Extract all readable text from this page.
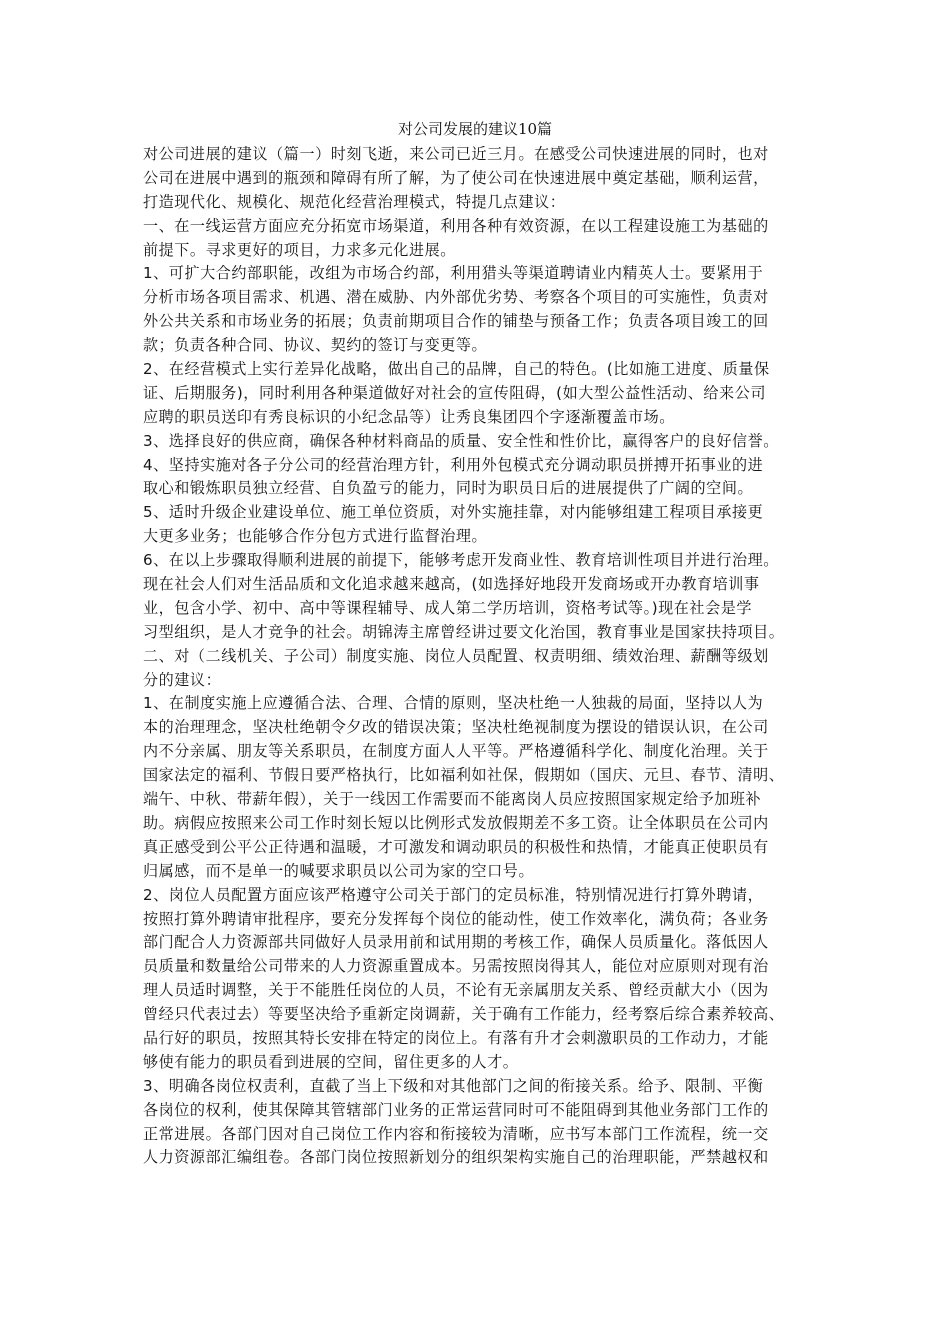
对公司发展的建议10篇
对公司进展的建议（篇一）时刻飞逝，来公司已近三月。在感受公司快速进展的同时，也对
公司在进展中遇到的瓶颈和障碍有所了解，为了使公司在快速进展中奠定基础，顺利运营，
打造现代化、规模化、规范化经营治理模式，特提几点建议：
一、在一线运营方面应充分拓宽市场渠道，利用各种有效资源，在以工程建设施工为基础的
前提下。寻求更好的项目，力求多元化进展。
1、可扩大合约部职能，改组为市场合约部，利用猎头等渠道聘请业内精英人士。要紧用于
分析市场各项目需求、机遇、潜在威胁、内外部优劣势、考察各个项目的可实施性，负责对
外公共关系和市场业务的拓展；负责前期项目合作的铺垫与预备工作；负责各项目竣工的回
款；负责各种合同、协议、契约的签订与变更等。
2、在经营模式上实行差异化战略，做出自己的品牌，自己的特色。(比如施工进度、质量保
证、后期服务)，同时利用各种渠道做好对社会的宣传阻碍，(如大型公益性活动、给来公司
应聘的职员送印有秀良标识的小纪念品等）让秀良集团四个字逐渐覆盖市场。
3、选择良好的供应商，确保各种材料商品的质量、安全性和性价比，赢得客户的良好信誉。
4、坚持实施对各子分公司的经营治理方针，利用外包模式充分调动职员拼搏开拓事业的进
取心和锻炼职员独立经营、自负盈亏的能力，同时为职员日后的进展提供了广阔的空间。
5、适时升级企业建设单位、施工单位资质，对外实施挂靠，对内能够组建工程项目承接更
大更多业务；也能够合作分包方式进行监督治理。
6、在以上步骤取得顺利进展的前提下，能够考虑开发商业性、教育培训性项目并进行治理。
现在社会人们对生活品质和文化追求越来越高，(如选择好地段开发商场或开办教育培训事
业，包含小学、初中、高中等课程辅导、成人第二学历培训，资格考试等。)现在社会是学
习型组织，是人才竞争的社会。胡锦涛主席曾经讲过要文化治国，教育事业是国家扶持项目。
二、对（二线机关、子公司）制度实施、岗位人员配置、权责明细、绩效治理、薪酬等级划
分的建议：
1、在制度实施上应遵循合法、合理、合情的原则，坚决杜绝一人独裁的局面，坚持以人为
本的治理理念，坚决杜绝朝令夕改的错误决策；坚决杜绝视制度为摆设的错误认识，在公司
内不分亲属、朋友等关系职员，在制度方面人人平等。严格遵循科学化、制度化治理。关于
国家法定的福利、节假日要严格执行，比如福利如社保，假期如（国庆、元旦、春节、清明、
端午、中秋、带薪年假），关于一线因工作需要而不能离岗人员应按照国家规定给予加班补
助。病假应按照来公司工作时刻长短以比例形式发放假期差不多工资。让全体职员在公司内
真正感受到公平公正待遇和温暖，才可激发和调动职员的积极性和热情，才能真正使职员有
归属感，而不是单一的喊要求职员以公司为家的空口号。
2、岗位人员配置方面应该严格遵守公司关于部门的定员标准，特别情况进行打算外聘请，
按照打算外聘请审批程序，要充分发挥每个岗位的能动性，使工作效率化，满负荷；各业务
部门配合人力资源部共同做好人员录用前和试用期的考核工作，确保人员质量化。落低因人
员质量和数量给公司带来的人力资源重置成本。另需按照岗得其人，能位对应原则对现有治
理人员适时调整，关于不能胜任岗位的人员，不论有无亲属朋友关系、曾经贡献大小（因为
曾经只代表过去）等要坚决给予重新定岗调薪，关于确有工作能力，经考察后综合素养较高、
品行好的职员，按照其特长安排在特定的岗位上。有落有升才会刺激职员的工作动力，才能
够使有能力的职员看到进展的空间，留住更多的人才。
3、明确各岗位权责利，直截了当上下级和对其他部门之间的衔接关系。给予、限制、平衡
各岗位的权利，使其保障其管辖部门业务的正常运营同时可不能阻碍到其他业务部门工作的
正常进展。各部门因对自己岗位工作内容和衔接较为清晰，应书写本部门工作流程，统一交
人力资源部汇编组卷。各部门岗位按照新划分的组织架构实施自己的治理职能，严禁越权和
